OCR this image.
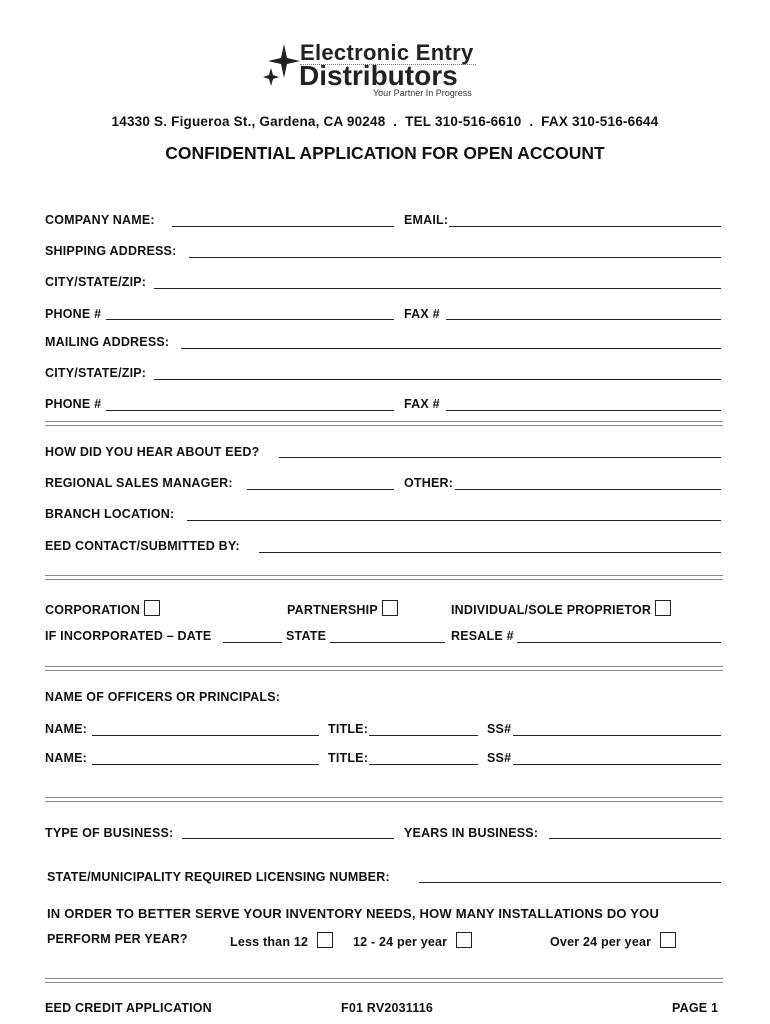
Electronic Entry
Distributors
Your Partner In Progress
14330 S. Figueroa St., Gardena, CA 90248  .  TEL 310-516-6610  .  FAX 310-516-6644
CONFIDENTIAL APPLICATION FOR OPEN ACCOUNT
COMPANY NAME:	EMAIL:
SHIPPING ADDRESS:
CITY/STATE/ZIP:
PHONE #	FAX #
MAILING ADDRESS:
CITY/STATE/ZIP:
PHONE #	FAX #
HOW DID YOU HEAR ABOUT EED?
REGIONAL SALES MANAGER:	OTHER:
BRANCH LOCATION:
EED CONTACT/SUBMITTED BY:
CORPORATION	PARTNERSHIP	INDIVIDUAL/SOLE PROPRIETOR
IF INCORPORATED – DATE	STATE	RESALE #
NAME OF OFFICERS OR PRINCIPALS:
NAME:	TITLE:	SS#
NAME:	TITLE:	SS#
TYPE OF BUSINESS:	YEARS IN BUSINESS:
STATE/MUNICIPALITY REQUIRED LICENSING NUMBER:
IN ORDER TO BETTER SERVE YOUR INVENTORY NEEDS, HOW MANY INSTALLATIONS DO YOU
PERFORM PER YEAR?	Less than 12	12 - 24 per year	Over 24 per year
EED CREDIT APPLICATION	F01 RV2031116	PAGE 1
